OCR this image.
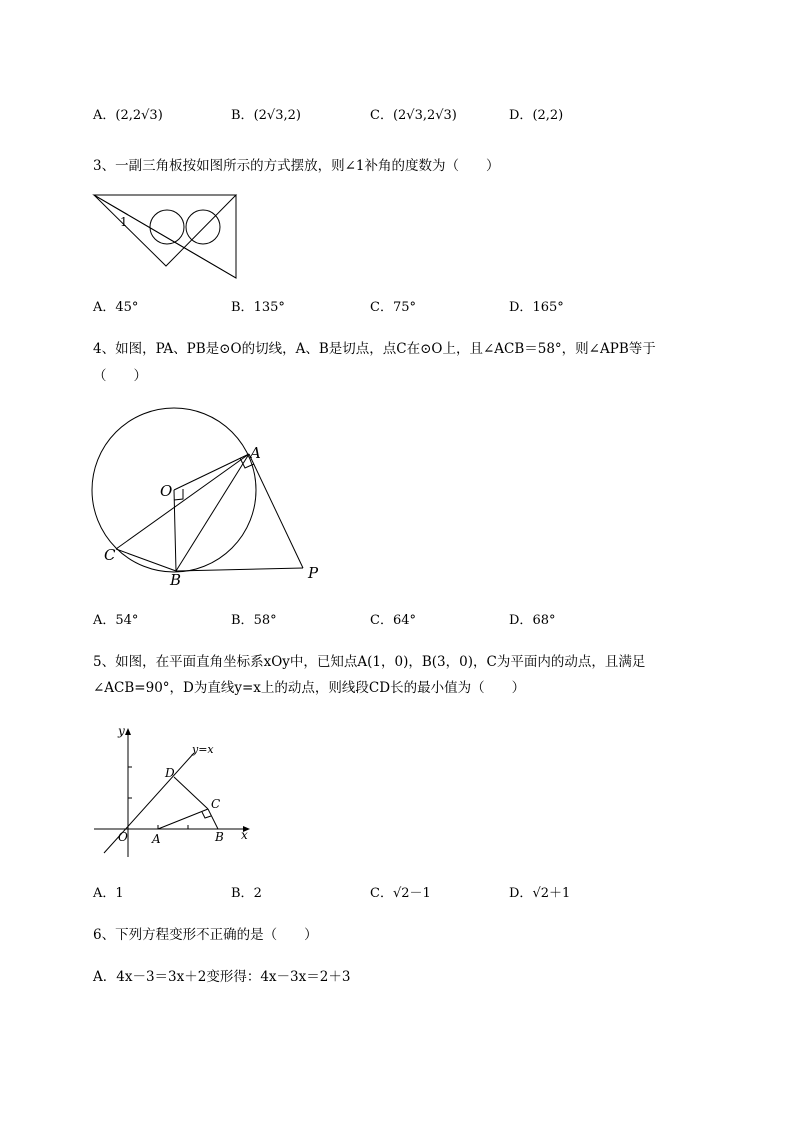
A．(2,2√3)	B．(2√3,2)	C．(2√3,2√3)	D．(2,2)
3、一副三角板按如图所示的方式摆放，则∠1补角的度数为（　　）
1
A．45°	B．135°	C．75°	D．165°
4、如图，PA、PB是⊙O的切线，A、B是切点，点C在⊙O上，且∠ACB＝58°，则∠APB等于
（　　）
O
A
B
C
P
A．54°	B．58°	C．64°	D．68°
5、如图，在平面直角坐标系xOy中，已知点A(1，0)，B(3，0)，C为平面内的动点，且满足
∠ACB=90°，D为直线y=x上的动点，则线段CD长的最小值为（　　）
y
x
y=x
O A	B
C
D
A．1	B．2	C．√2－1	D．√2＋1
6、下列方程变形不正确的是（　　）
A．4x－3＝3x＋2变形得：4x－3x＝2＋3
